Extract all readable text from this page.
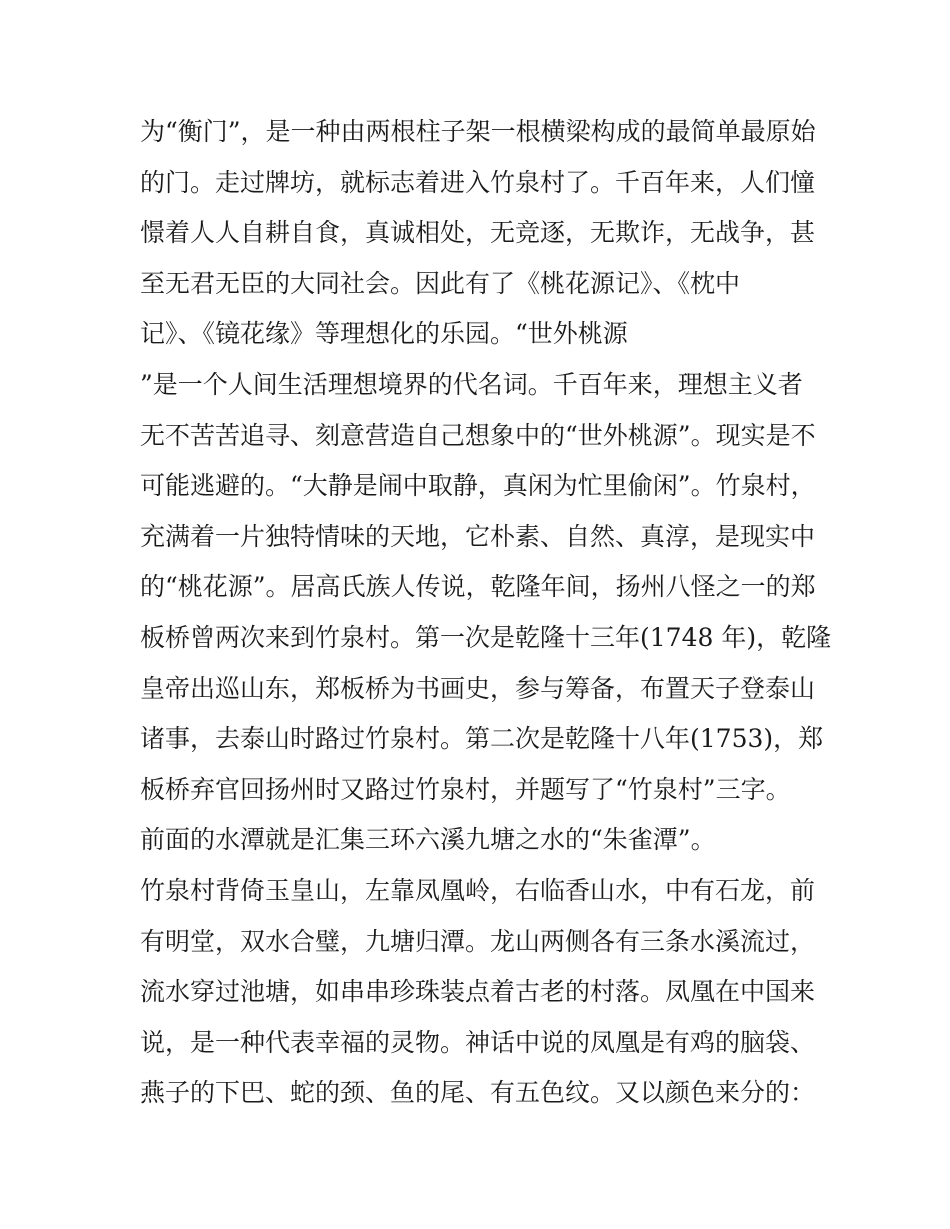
为“衡门”，是一种由两根柱子架一根横梁构成的最简单最原始
的门。走过牌坊，就标志着进入竹泉村了。千百年来，人们憧
憬着人人自耕自食，真诚相处，无竞逐，无欺诈，无战争，甚
至无君无臣的大同社会。因此有了《桃花源记》、《枕中
记》、《镜花缘》等理想化的乐园。“世外桃源
”是一个人间生活理想境界的代名词。千百年来，理想主义者
无不苦苦追寻、刻意营造自己想象中的“世外桃源”。现实是不
可能逃避的。“大静是闹中取静，真闲为忙里偷闲”。竹泉村，
充满着一片独特情味的天地，它朴素、自然、真淳，是现实中
的“桃花源”。居高氏族人传说，乾隆年间，扬州八怪之一的郑
板桥曾两次来到竹泉村。第一次是乾隆十三年(1748 年)，乾隆
皇帝出巡山东，郑板桥为书画史，参与筹备，布置天子登泰山
诸事，去泰山时路过竹泉村。第二次是乾隆十八年(1753)，郑
板桥弃官回扬州时又路过竹泉村，并题写了“竹泉村”三字。
前面的水潭就是汇集三环六溪九塘之水的“朱雀潭”。
竹泉村背倚玉皇山，左靠凤凰岭，右临香山水，中有石龙，前
有明堂，双水合璧，九塘归潭。龙山两侧各有三条水溪流过，
流水穿过池塘，如串串珍珠装点着古老的村落。凤凰在中国来
说，是一种代表幸福的灵物。神话中说的凤凰是有鸡的脑袋、
燕子的下巴、蛇的颈、鱼的尾、有五色纹。又以颜色来分的：
